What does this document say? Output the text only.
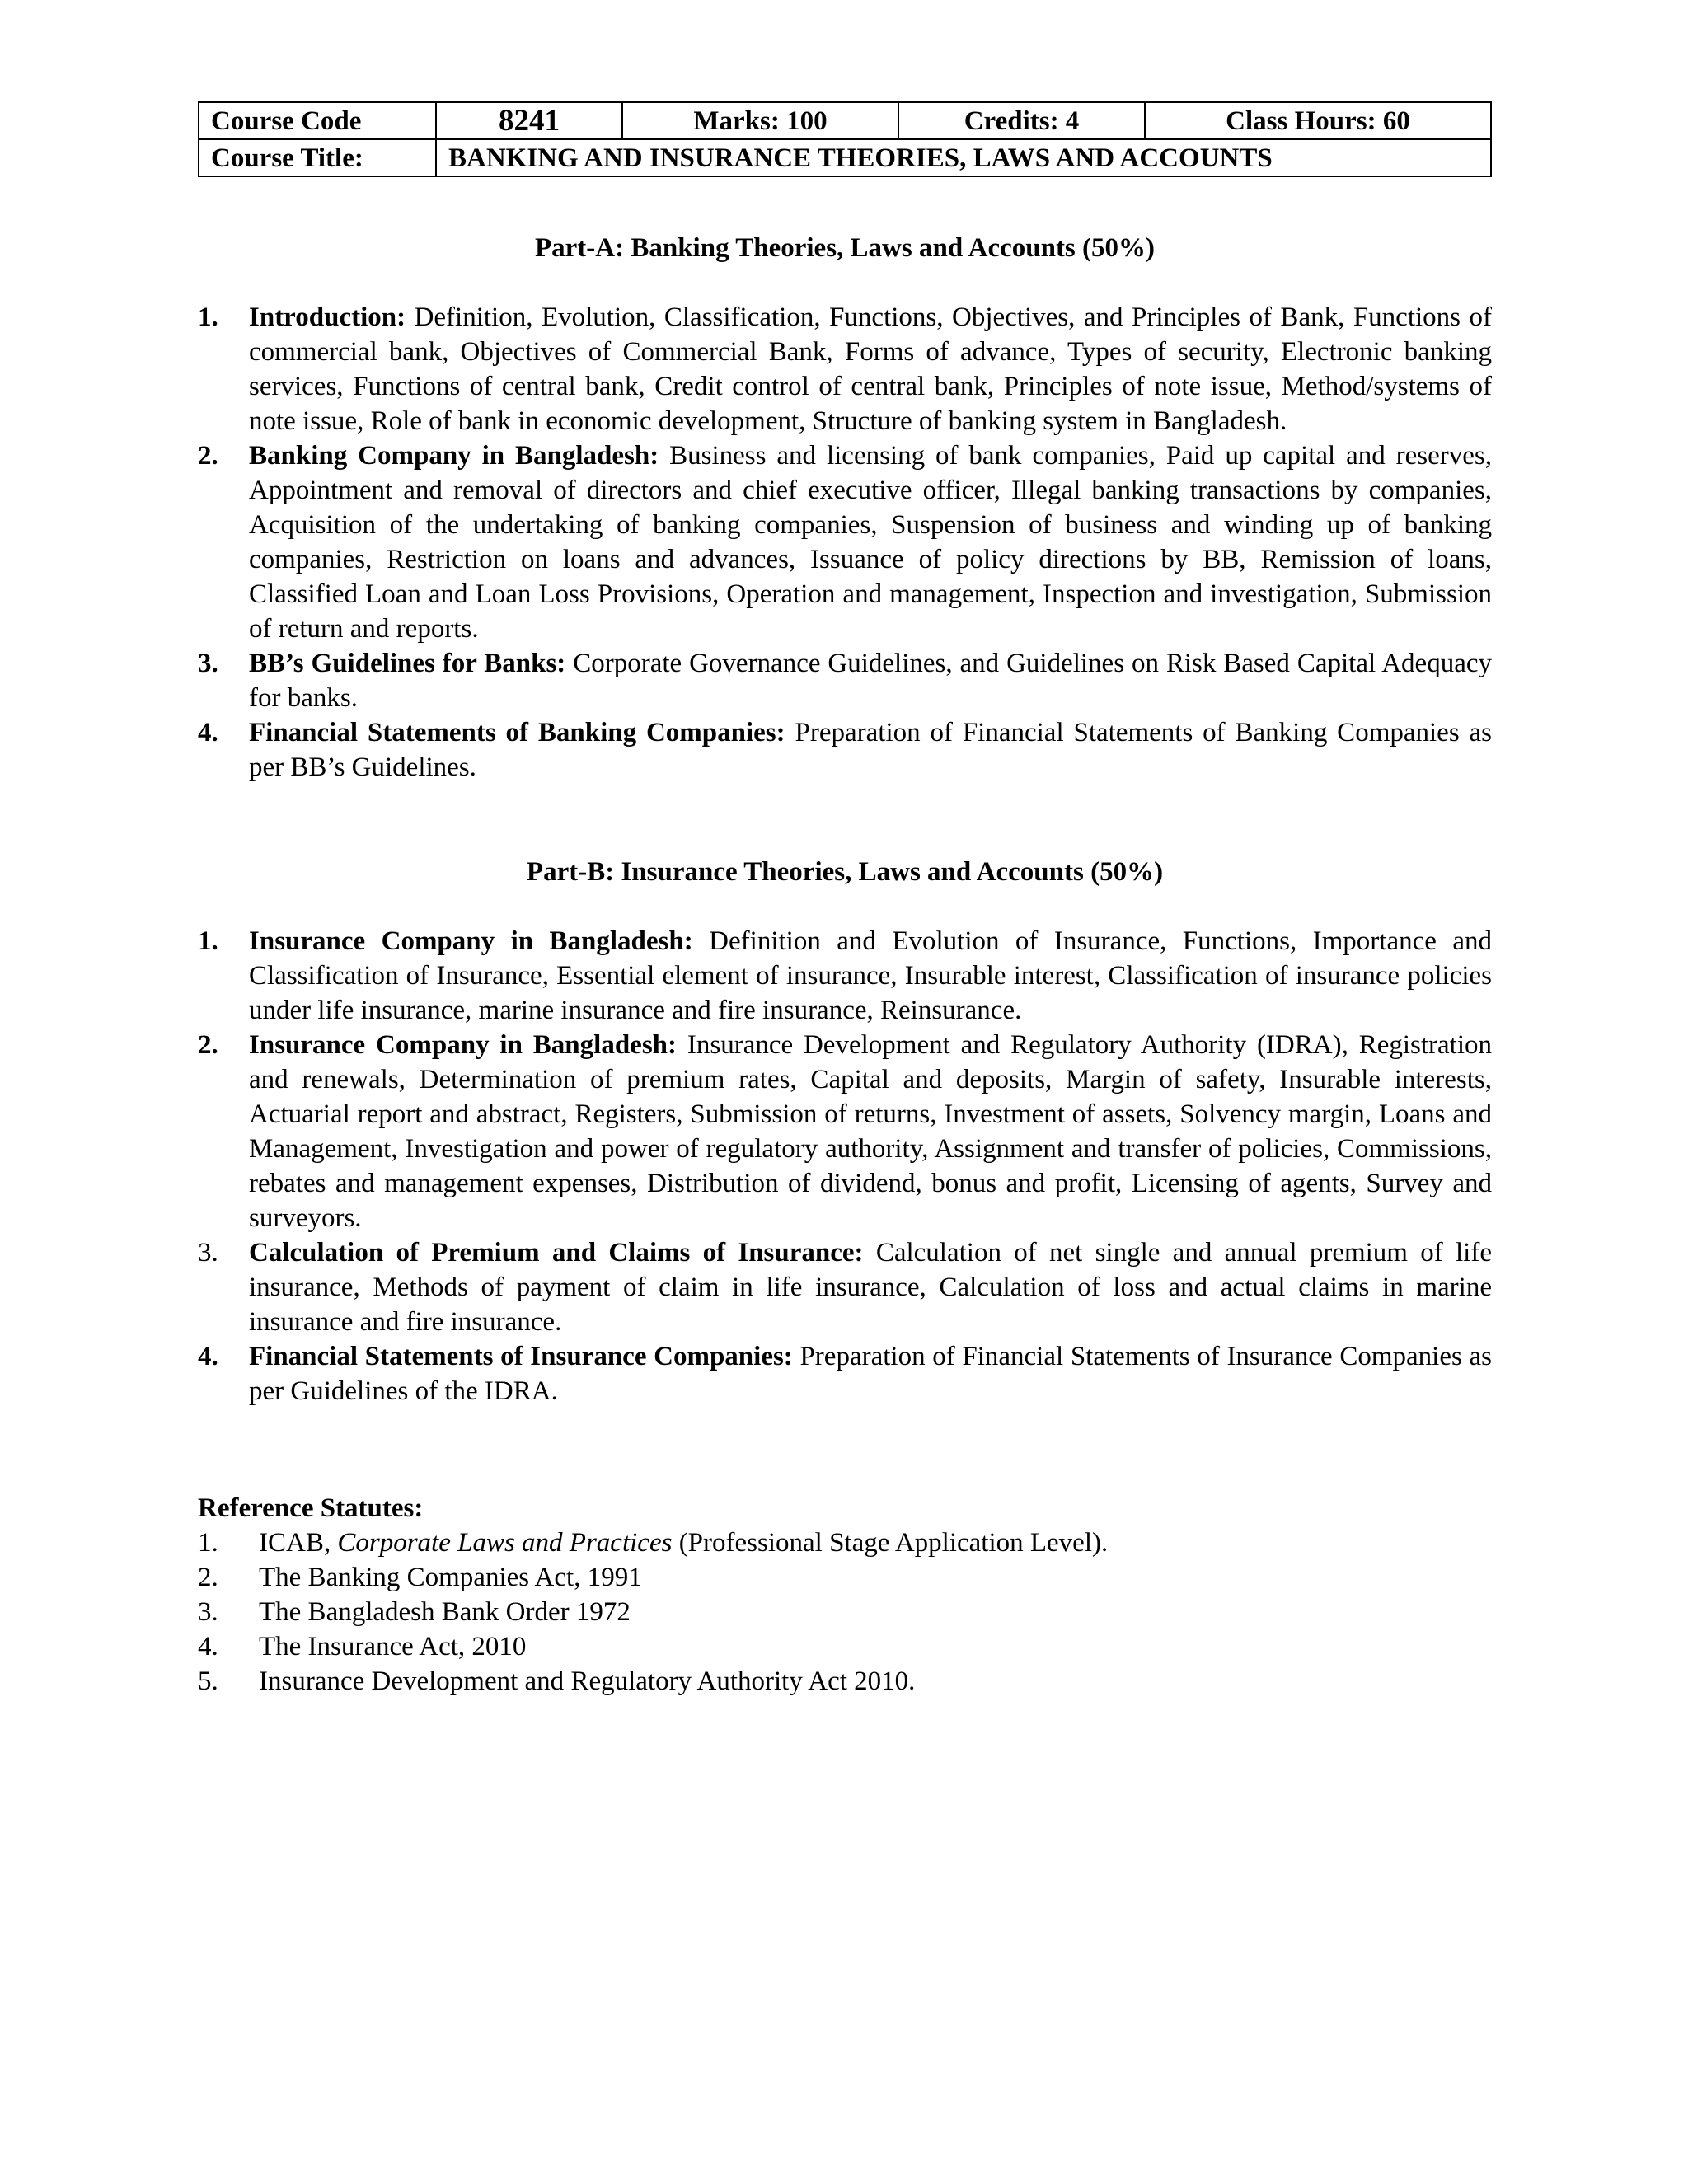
Course Code	8241	Marks: 100	Credits: 4	Class Hours: 60
Course Title:	BANKING AND INSURANCE THEORIES, LAWS AND ACCOUNTS			
Part-A: Banking Theories, Laws and Accounts (50%)
1. Introduction: Definition, Evolution, Classification, Functions, Objectives, and Principles of Bank, Functions of commercial bank, Objectives of Commercial Bank, Forms of advance, Types of security, Electronic banking services, Functions of central bank, Credit control of central bank, Principles of note issue, Method/systems of note issue, Role of bank in economic development, Structure of banking system in Bangladesh.
2. Banking Company in Bangladesh: Business and licensing of bank companies, Paid up capital and reserves, Appointment and removal of directors and chief executive officer, Illegal banking transactions by companies, Acquisition of the undertaking of banking companies, Suspension of business and winding up of banking companies, Restriction on loans and advances, Issuance of policy directions by BB, Remission of loans, Classified Loan and Loan Loss Provisions, Operation and management, Inspection and investigation, Submission of return and reports.
3. BB’s Guidelines for Banks: Corporate Governance Guidelines, and Guidelines on Risk Based Capital Adequacy for banks.
4. Financial Statements of Banking Companies: Preparation of Financial Statements of Banking Companies as per BB’s Guidelines.
Part-B: Insurance Theories, Laws and Accounts (50%)
1. Insurance Company in Bangladesh: Definition and Evolution of Insurance, Functions, Importance and Classification of Insurance, Essential element of insurance, Insurable interest, Classification of insurance policies under life insurance, marine insurance and fire insurance, Reinsurance.
2. Insurance Company in Bangladesh: Insurance Development and Regulatory Authority (IDRA), Registration and renewals, Determination of premium rates, Capital and deposits, Margin of safety, Insurable interests, Actuarial report and abstract, Registers, Submission of returns, Investment of assets, Solvency margin, Loans and Management, Investigation and power of regulatory authority, Assignment and transfer of policies, Commissions, rebates and management expenses, Distribution of dividend, bonus and profit, Licensing of agents, Survey and surveyors.
3. Calculation of Premium and Claims of Insurance: Calculation of net single and annual premium of life insurance, Methods of payment of claim in life insurance, Calculation of loss and actual claims in marine insurance and fire insurance.
4. Financial Statements of Insurance Companies: Preparation of Financial Statements of Insurance Companies as per Guidelines of the IDRA.
Reference Statutes:
1. ICAB, Corporate Laws and Practices (Professional Stage Application Level).
2. The Banking Companies Act, 1991
3. The Bangladesh Bank Order 1972
4. The Insurance Act, 2010
5. Insurance Development and Regulatory Authority Act 2010.
